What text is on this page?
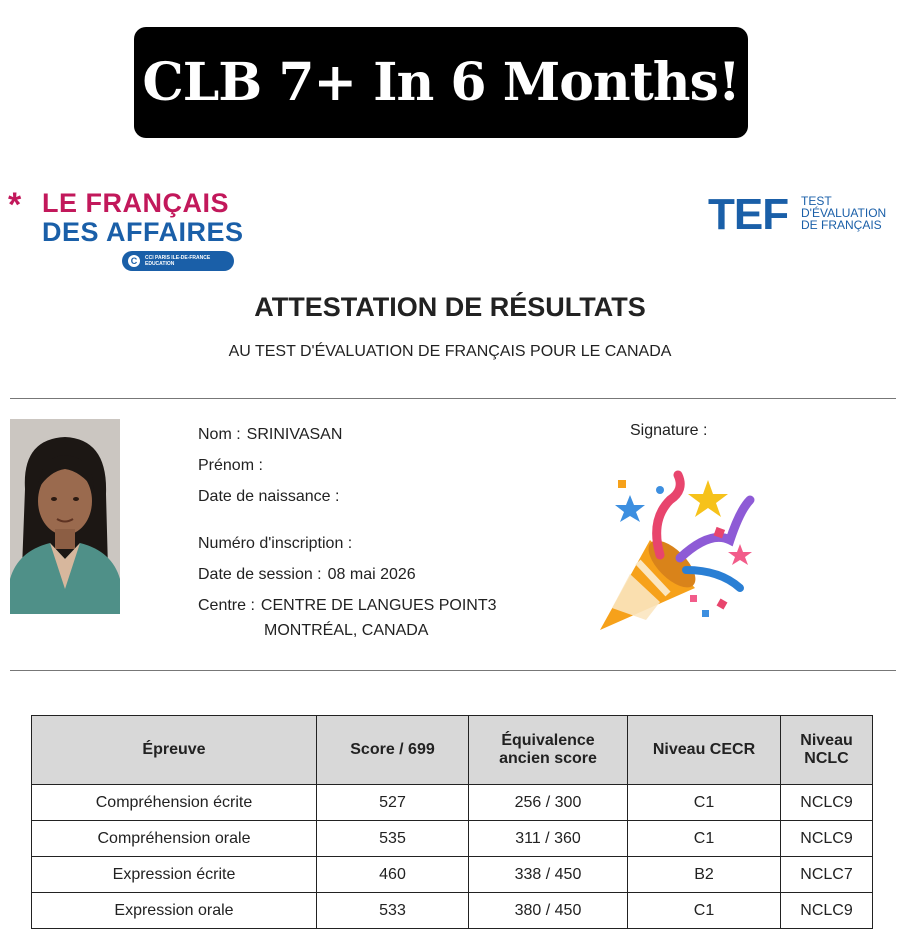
CLB 7+ In 6 Months!
* LE FRANÇAIS
DES AFFAIRES
C	CCI PARIS ILE-DE-FRANCE
EDUCATION
TEF TEST
D'ÉVALUATION
DE FRANÇAIS
ATTESTATION DE RÉSULTATS
AU TEST D'ÉVALUATION DE FRANÇAIS POUR LE CANADA
Nom : SRINIVASAN
Prénom :
Date de naissance :
Numéro d'inscription :
Date de session : 08 mai 2026
Centre : CENTRE DE LANGUES POINT3
MONTRÉAL, CANADA
Signature :
Épreuve	Score / 699	Équivalence ancien score	Niveau CECR	Niveau NCLC
Compréhension écrite	527	256 / 300	C1	NCLC9
Compréhension orale	535	311 / 360	C1	NCLC9
Expression écrite	460	338 / 450	B2	NCLC7
Expression orale	533	380 / 450	C1	NCLC9
